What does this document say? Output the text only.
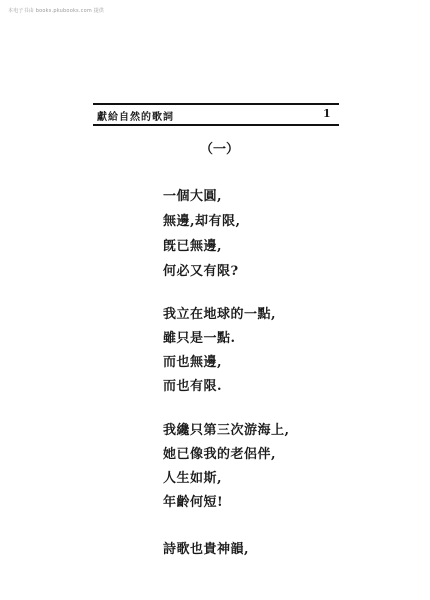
本电子书由 books.pkubooks.com 提供
獻給自然的歌詞	1
（一）
一個大圓,
無邊,却有限,
旣已無邊,
何必又有限?
我立在地球的一點,
雖只是一點.
而也無邊,
而也有限.
我纔只第三次游海上,
她已像我的老侶伴,
人生如斯,
年齡何短!
詩歌也貴神韻,
